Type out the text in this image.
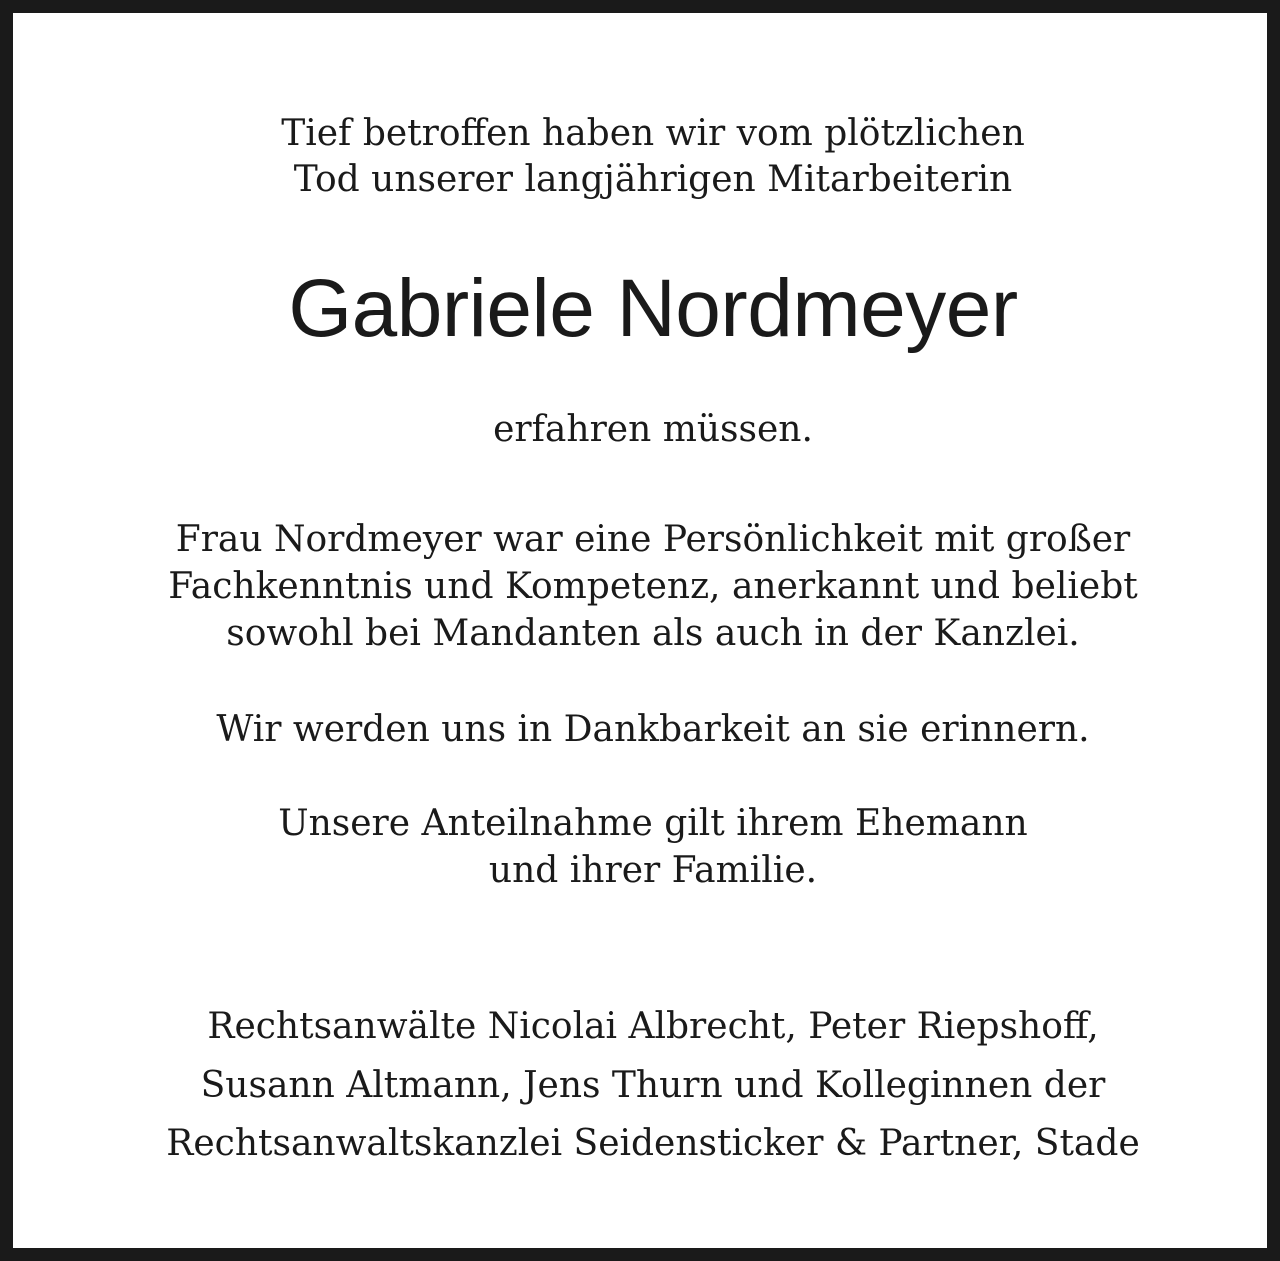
Tief betroffen haben wir vom plötzlichen
Tod unserer langjährigen Mitarbeiterin
Gabriele Nordmeyer
erfahren müssen.
Frau Nordmeyer war eine Persönlichkeit mit großer
Fachkenntnis und Kompetenz, anerkannt und beliebt
sowohl bei Mandanten als auch in der Kanzlei.
Wir werden uns in Dankbarkeit an sie erinnern.
Unsere Anteilnahme gilt ihrem Ehemann
und ihrer Familie.
Rechtsanwälte Nicolai Albrecht, Peter Riepshoff,
Susann Altmann, Jens Thurn und Kolleginnen der
Rechtsanwaltskanzlei Seidensticker & Partner, Stade
